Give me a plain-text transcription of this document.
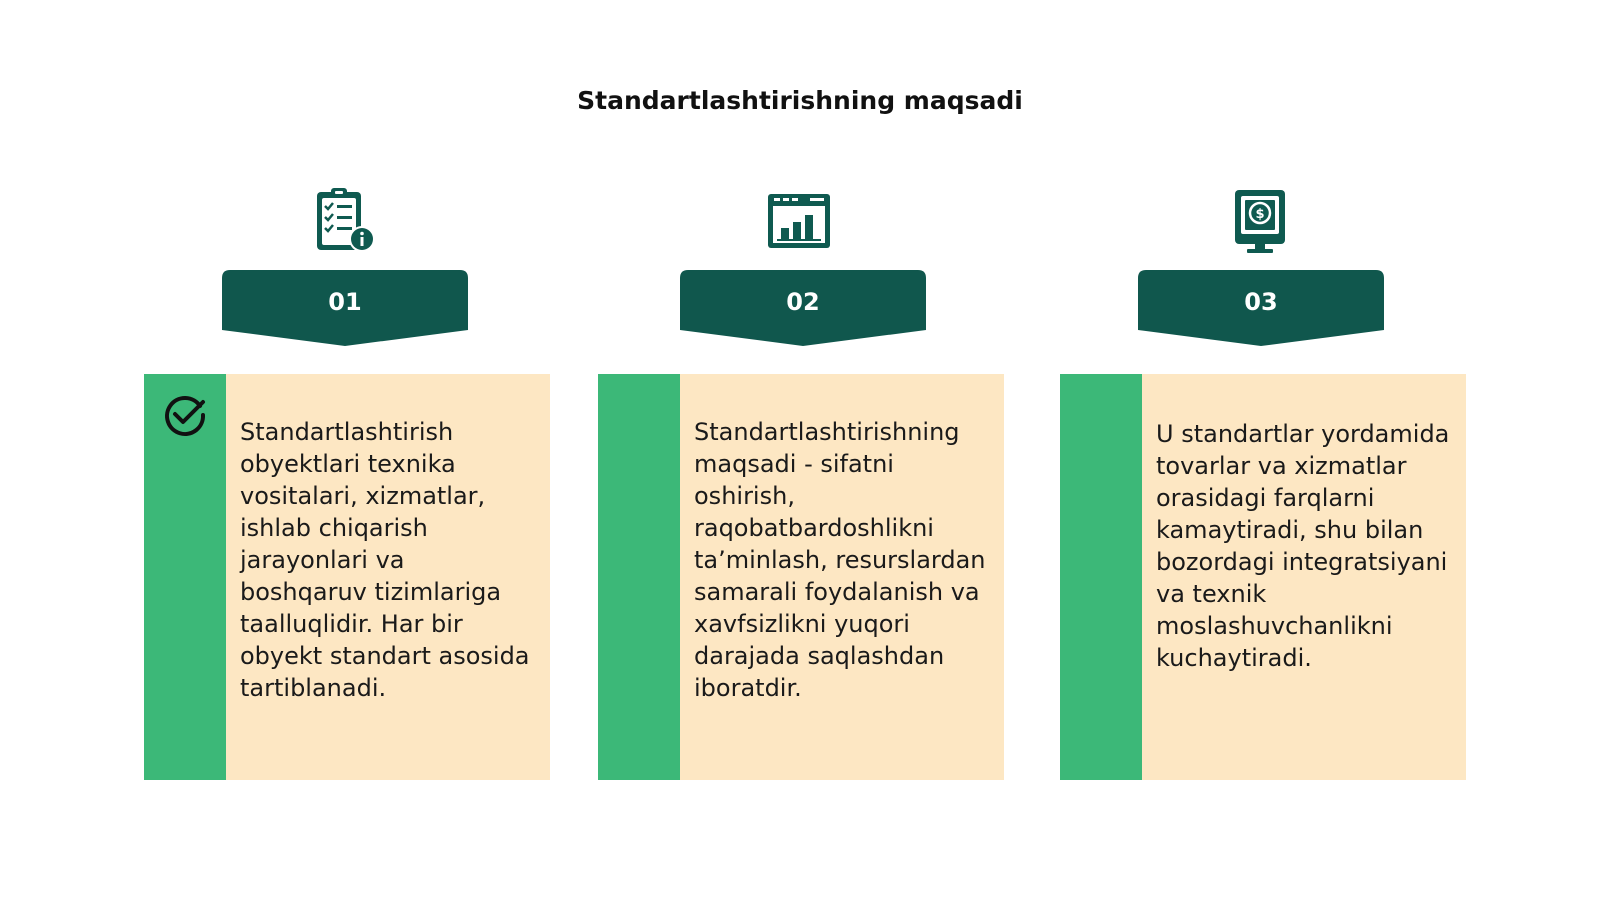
Standartlashtirishning maqsadi
01

Standartlashtirish obyektlari texnika vositalari, xizmatlar, ishlab chiqarish jarayonlari va boshqaruv tizimlariga taalluqlidir. Har bir obyekt standart asosida tartiblanadi.

02

Standartlashtirishning maqsadi - sifatni oshirish, raqobatbardoshlikni ta’minlash, resurslardan samarali foydalanish va xavfsizlikni yuqori darajada saqlashdan iboratdir.

$
03

U standartlar yordamida tovarlar va xizmatlar orasidagi farqlarni kamaytiradi, shu bilan bozordagi integratsiyani va texnik moslashuvchanlikni kuchaytiradi.
